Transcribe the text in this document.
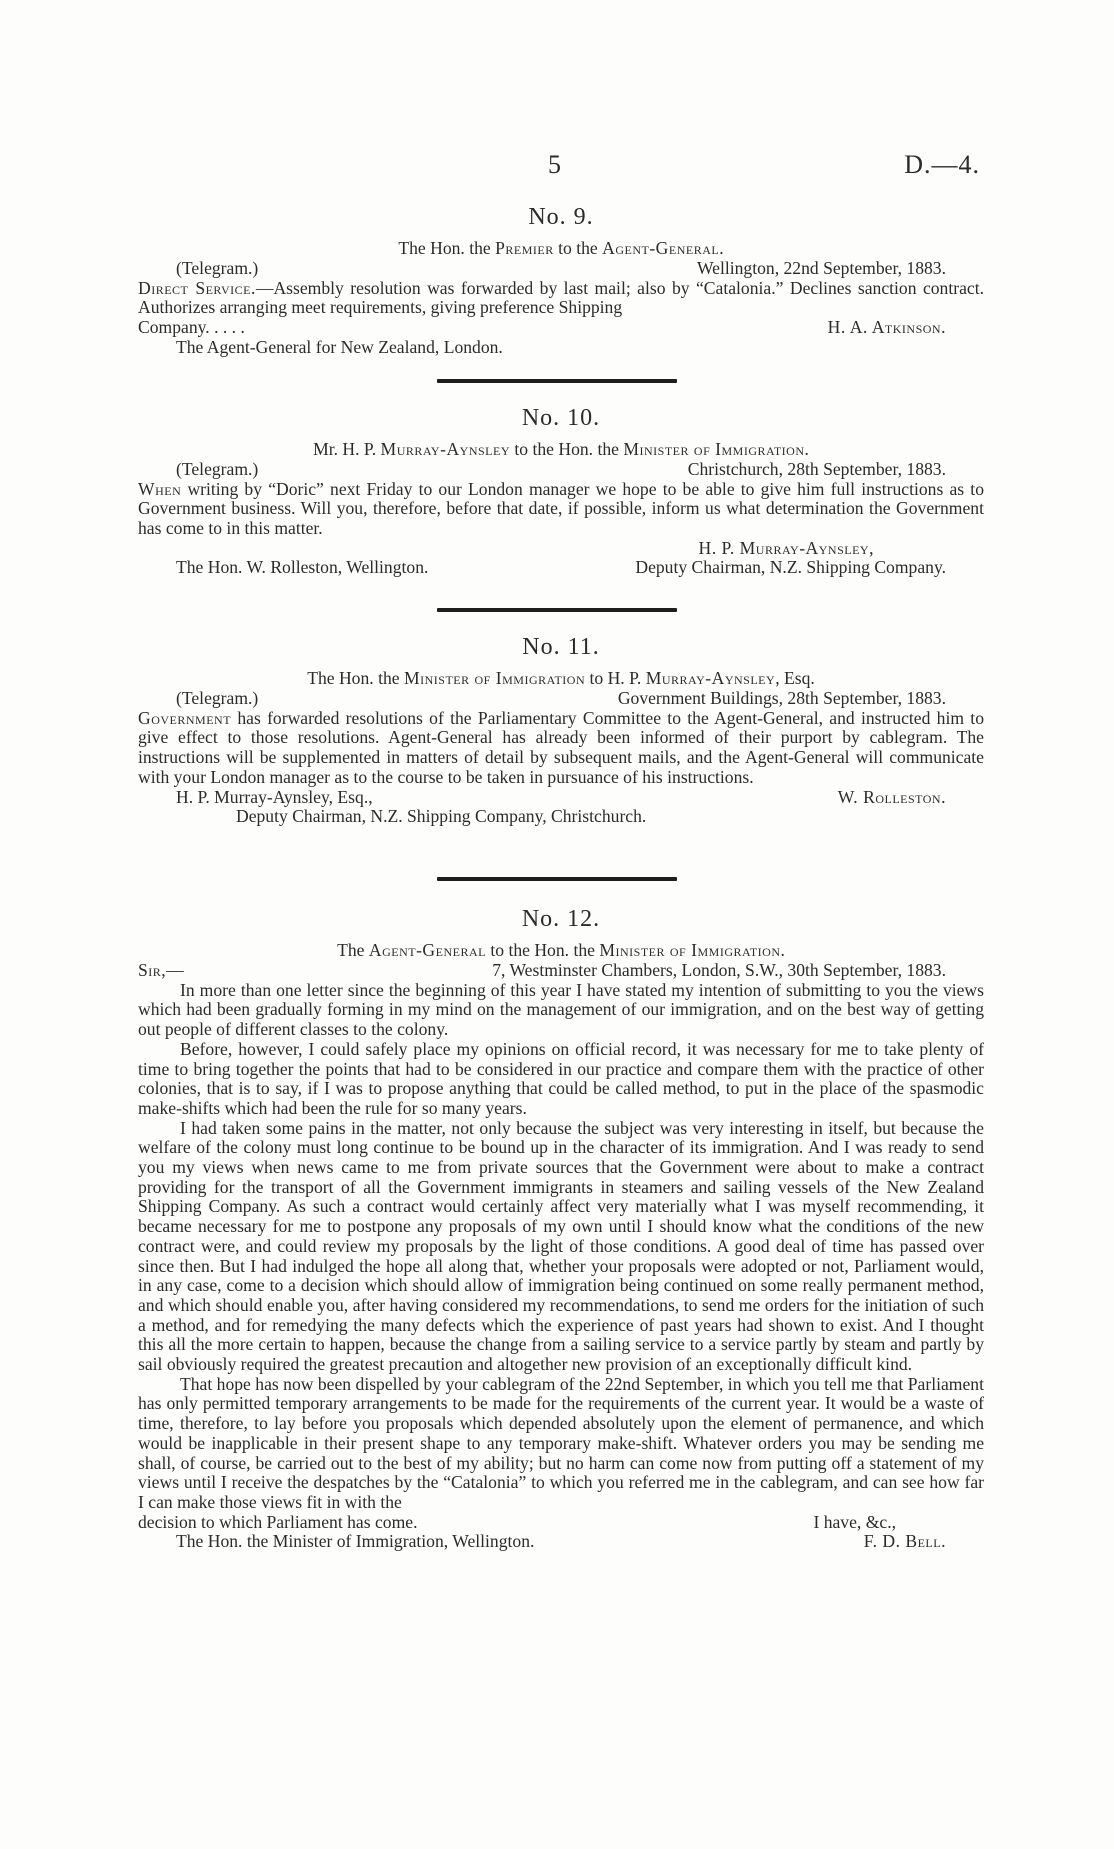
5	D.—4.
No. 9.
The Hon. the Premier to the Agent-General.
(Telegram.)	Wellington, 22nd September, 1883.
Direct Service.—Assembly resolution was forwarded by last mail; also by “Catalonia.” Declines sanction contract. Authorizes arranging meet requirements, giving preference Shipping
Company. . . . .	H. A. Atkinson.
The Agent-General for New Zealand, London.
No. 10.
Mr. H. P. Murray-Aynsley to the Hon. the Minister of Immigration.
(Telegram.)	Christchurch, 28th September, 1883.
When writing by “Doric” next Friday to our London manager we hope to be able to give him full instructions as to Government business. Will you, therefore, before that date, if possible, inform us what determination the Government has come to in this matter.
H. P. Murray-Aynsley,
The Hon. W. Rolleston, Wellington.	Deputy Chairman, N.Z. Shipping Company.
No. 11.
The Hon. the Minister of Immigration to H. P. Murray-Aynsley, Esq.
(Telegram.)	Government Buildings, 28th September, 1883.
Government has forwarded resolutions of the Parliamentary Committee to the Agent-General, and instructed him to give effect to those resolutions. Agent-General has already been informed of their purport by cablegram. The instructions will be supplemented in matters of detail by subsequent mails, and the Agent-General will communicate with your London manager as to the course to be taken in pursuance of his instructions.
H. P. Murray-Aynsley, Esq.,	W. Rolleston.
Deputy Chairman, N.Z. Shipping Company, Christchurch.
No. 12.
The Agent-General to the Hon. the Minister of Immigration.
Sir,—	7, Westminster Chambers, London, S.W., 30th September, 1883.
In more than one letter since the beginning of this year I have stated my intention of submitting to you the views which had been gradually forming in my mind on the management of our immigration, and on the best way of getting out people of different classes to the colony.
Before, however, I could safely place my opinions on official record, it was necessary for me to take plenty of time to bring together the points that had to be considered in our practice and compare them with the practice of other colonies, that is to say, if I was to propose anything that could be called method, to put in the place of the spasmodic make-shifts which had been the rule for so many years.
I had taken some pains in the matter, not only because the subject was very interesting in itself, but because the welfare of the colony must long continue to be bound up in the character of its immigration. And I was ready to send you my views when news came to me from private sources that the Government were about to make a contract providing for the transport of all the Government immigrants in steamers and sailing vessels of the New Zealand Shipping Company. As such a contract would certainly affect very materially what I was myself recommending, it became necessary for me to postpone any proposals of my own until I should know what the conditions of the new contract were, and could review my proposals by the light of those conditions. A good deal of time has passed over since then. But I had indulged the hope all along that, whether your proposals were adopted or not, Parliament would, in any case, come to a decision which should allow of immigration being continued on some really permanent method, and which should enable you, after having considered my recommendations, to send me orders for the initiation of such a method, and for remedying the many defects which the experience of past years had shown to exist. And I thought this all the more certain to happen, because the change from a sailing service to a service partly by steam and partly by sail obviously required the greatest precaution and altogether new provision of an exceptionally difficult kind.
That hope has now been dispelled by your cablegram of the 22nd September, in which you tell me that Parliament has only permitted temporary arrangements to be made for the requirements of the current year. It would be a waste of time, therefore, to lay before you proposals which depended absolutely upon the element of permanence, and which would be inapplicable in their present shape to any temporary make-shift. Whatever orders you may be sending me shall, of course, be carried out to the best of my ability; but no harm can come now from putting off a statement of my views until I receive the despatches by the “Catalonia” to which you referred me in the cablegram, and can see how far I can make those views fit in with the
decision to which Parliament has come.	I have, &c.,
The Hon. the Minister of Immigration, Wellington.	F. D. Bell.
